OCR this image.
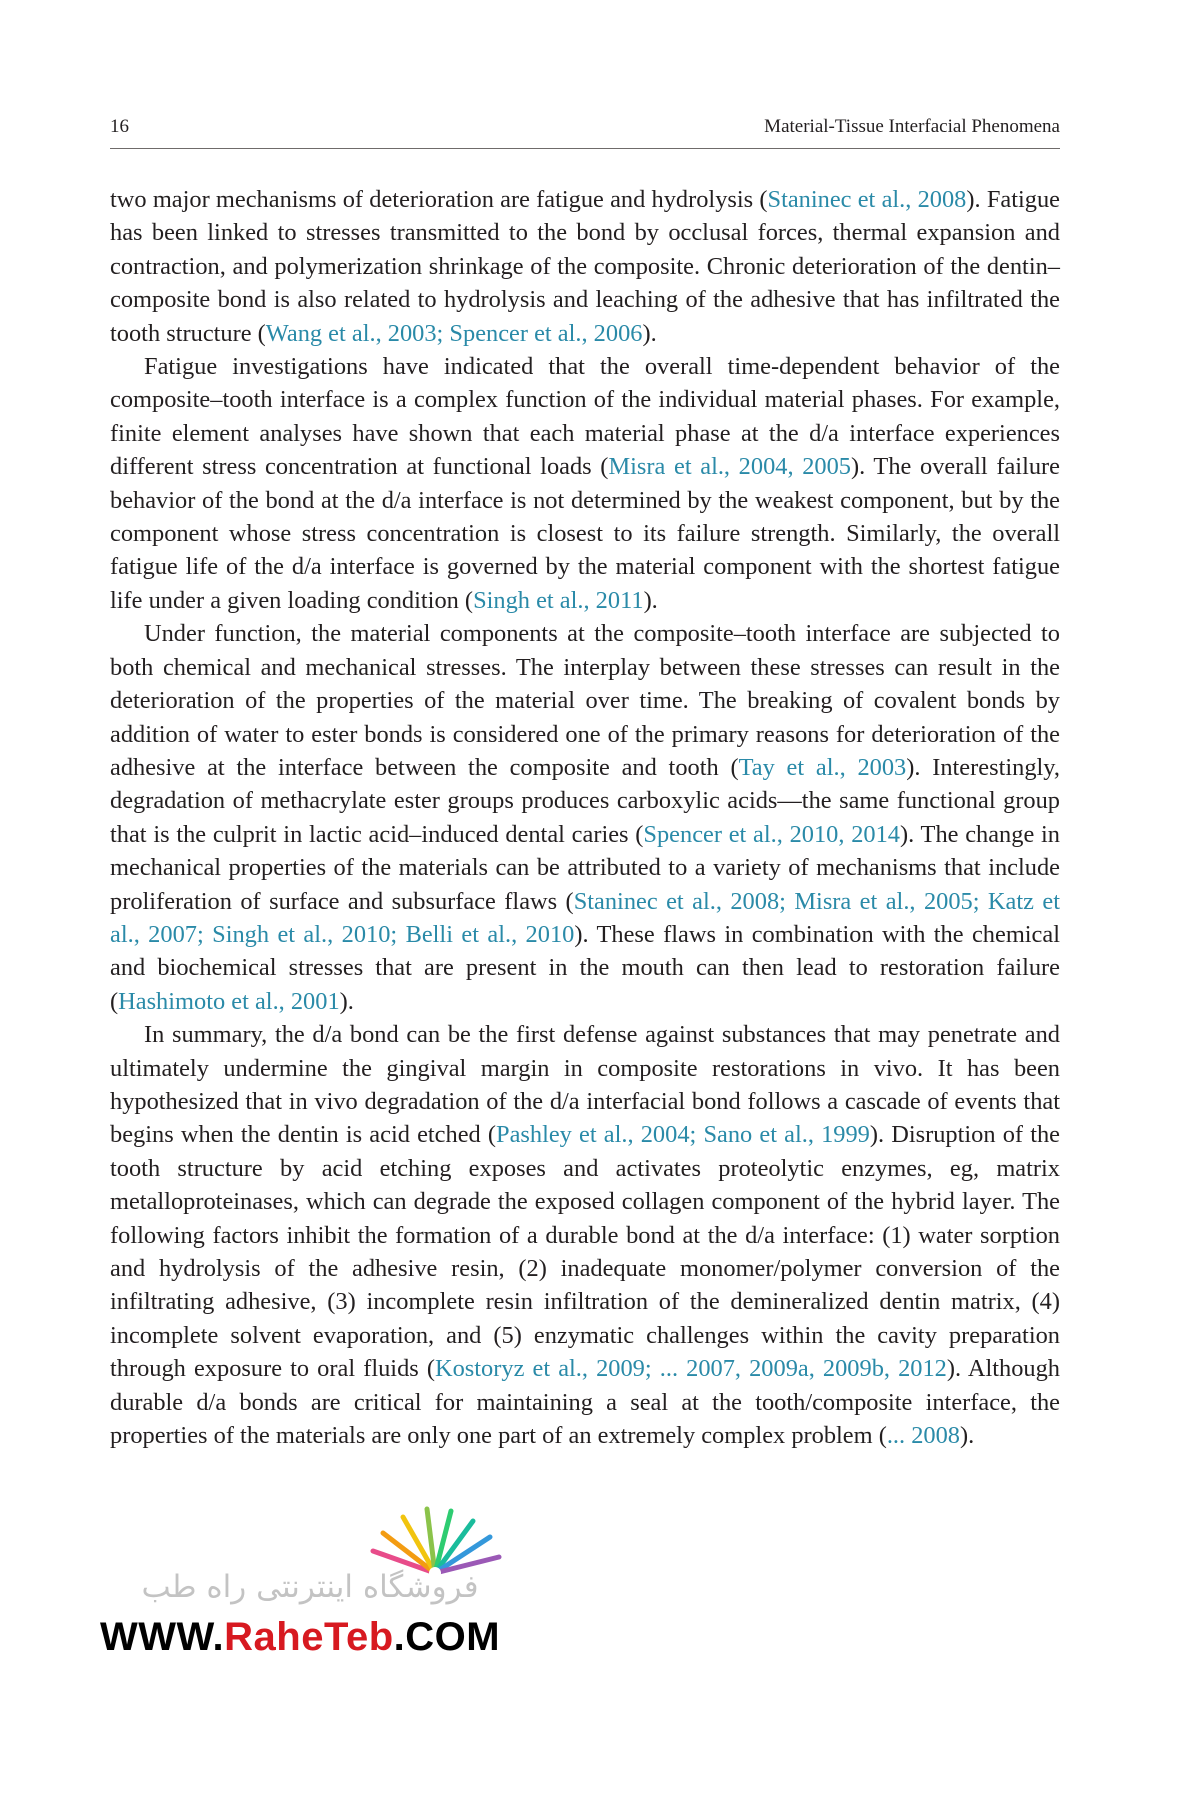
16	Material-Tissue Interfacial Phenomena

two major mechanisms of deterioration are fatigue and hydrolysis (Staninec et al., 2008). Fatigue has been linked to stresses transmitted to the bond by occlusal forces, thermal expansion and contraction, and polymerization shrinkage of the composite. Chronic deterioration of the dentin–composite bond is also related to hydrolysis and leaching of the adhesive that has infiltrated the tooth structure (Wang et al., 2003; Spencer et al., 2006).

Fatigue investigations have indicated that the overall time-dependent behavior of the composite–tooth interface is a complex function of the individual material phases. For example, finite element analyses have shown that each material phase at the d/a interface experiences different stress concentration at functional loads (Misra et al., 2004, 2005). The overall failure behavior of the bond at the d/a interface is not determined by the weakest component, but by the component whose stress concentration is closest to its failure strength. Similarly, the overall fatigue life of the d/a interface is governed by the material component with the shortest fatigue life under a given loading condition (Singh et al., 2011).

Under function, the material components at the composite–tooth interface are subjected to both chemical and mechanical stresses. The interplay between these stresses can result in the deterioration of the properties of the material over time. The breaking of covalent bonds by addition of water to ester bonds is considered one of the primary reasons for deterioration of the adhesive at the interface between the composite and tooth (Tay et al., 2003). Interestingly, degradation of methacrylate ester groups produces carboxylic acids—the same functional group that is the culprit in lactic acid–induced dental caries (Spencer et al., 2010, 2014). The change in mechanical properties of the materials can be attributed to a variety of mechanisms that include proliferation of surface and subsurface flaws (Staninec et al., 2008; Misra et al., 2005; Katz et al., 2007; Singh et al., 2010; Belli et al., 2010). These flaws in combination with the chemical and biochemical stresses that are present in the mouth can then lead to restoration failure (Hashimoto et al., 2001).

In summary, the d/a bond can be the first defense against substances that may penetrate and ultimately undermine the gingival margin in composite restorations in vivo. It has been hypothesized that in vivo degradation of the d/a interfacial bond follows a cascade of events that begins when the dentin is acid etched (Pashley et al., 2004; Sano et al., 1999). Disruption of the tooth structure by acid etching exposes and activates proteolytic enzymes, eg, matrix metalloproteinases, which can degrade the exposed collagen component of the hybrid layer. The following factors inhibit the formation of a durable bond at the d/a interface: (1) water sorption and hydrolysis of the adhesive resin, (2) inadequate monomer/polymer conversion of the infiltrating adhesive, (3) incomplete resin infiltration of the demineralized dentin matrix, (4) incomplete solvent evaporation, and (5) enzymatic challenges within the cavity preparation through exposure to oral fluids (Kostoryz et al., 2009; ... 2007, 2009a, 2009b, 2012). Although durable d/a bonds are critical for maintaining a seal at the tooth/composite interface, the properties of the materials are only one part of an extremely complex problem (... 2008).

فروشگاه اینترنتی راه طب
WWW.RaheTeb.COM
